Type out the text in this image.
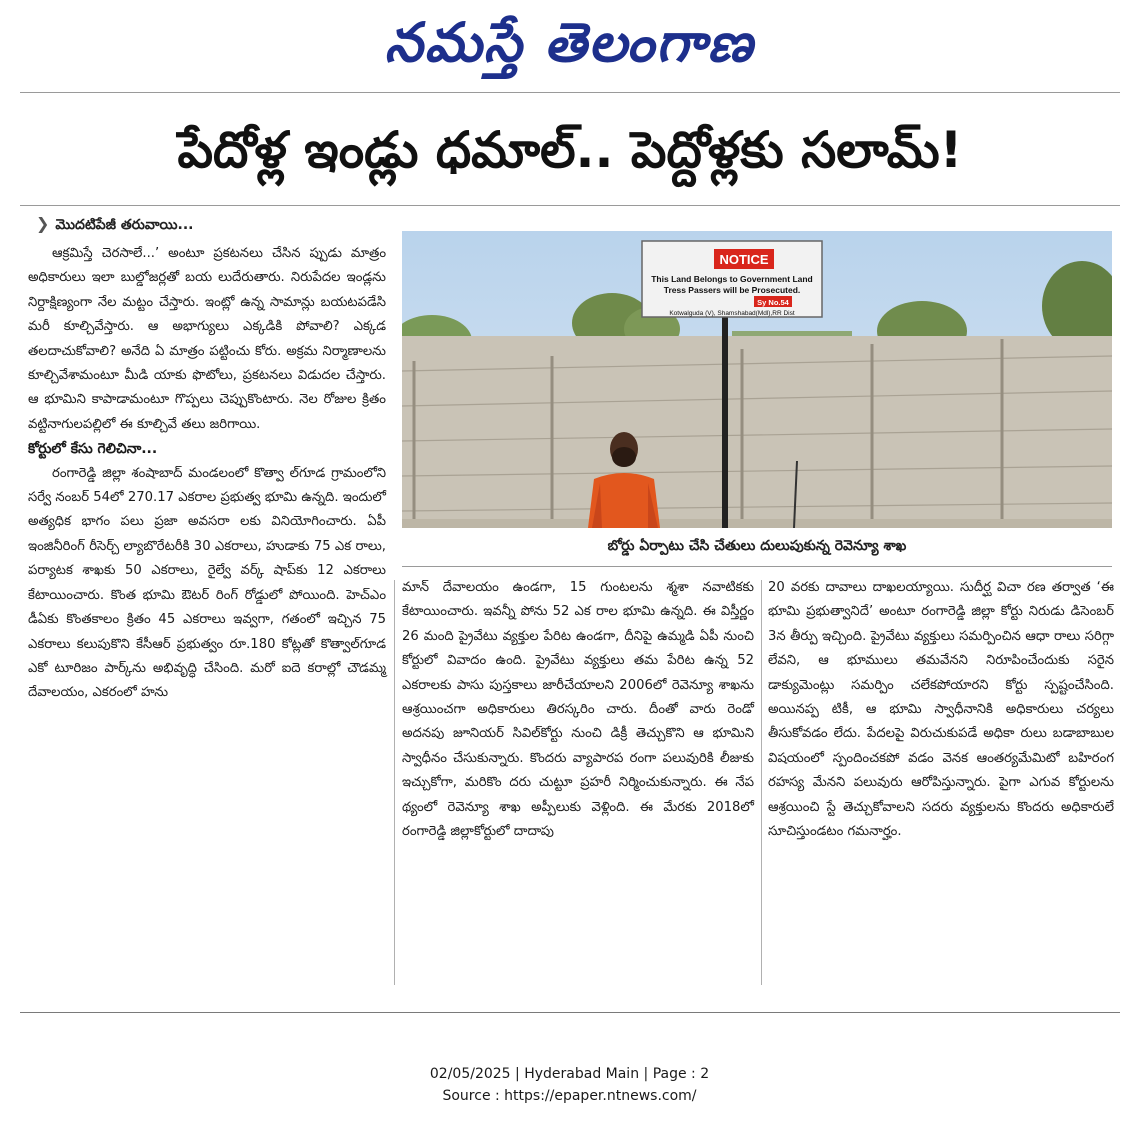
నమస్తే తెలంగాణ
పేదోళ్ల ఇండ్లు ధమాల్.. పెద్దోళ్లకు సలామ్!
❯ మొదటిపేజీ తరువాయి...

ఆక్రమిస్తే చెరసాలే...’ అంటూ ప్రకటనలు చేసిన ప్పుడు మాత్రం అధికారులు ఇలా బుల్డోజర్లతో బయ లుదేరుతారు. నిరుపేదల ఇండ్లను నిర్దాక్షిణ్యంగా నేల మట్టం చేస్తారు. ఇంట్లో ఉన్న సామాన్లు బయటపడేసి మరీ కూల్చివేస్తారు. ఆ అభాగ్యులు ఎక్కడికి పోవాలి? ఎక్కడ తలదాచుకోవాలి? అనేది ఏ మాత్రం పట్టించు కోరు. అక్రమ నిర్మాణాలను కూల్చివేశామంటూ మీడి యాకు ఫొటోలు, ప్రకటనలు విడుదల చేస్తారు. ఆ భూమిని కాపాడామంటూ గొప్పలు చెప్పుకొంటారు. నెల రోజుల క్రితం వట్టినాగులపల్లిలో ఈ కూల్చివే తలు జరిగాయి.

కోర్టులో కేసు గెలిచినా...

రంగారెడ్డి జిల్లా శంషాబాద్ మండలంలో కొత్వా ల్‌గూడ గ్రామంలోని సర్వే నంబర్ 54లో 270.17 ఎకరాల ప్రభుత్వ భూమి ఉన్నది. ఇందులో అత్యధిక భాగం పలు ప్రజా అవసరా లకు వినియోగించారు. ఏపీ ఇంజినీరింగ్ రీసెర్చ్ ల్యాబొరేటరీకి 30 ఎకరాలు, హుడాకు 75 ఎక రాలు, పర్యాటక శాఖకు 50 ఎకరాలు, రైల్వే వర్క్ షాప్‌కు 12 ఎకరాలు కేటాయించారు. కొంత భూమి ఔటర్ రింగ్ రోడ్డులో పోయింది. హెచ్‌ఎం డీఏకు కొంతకాలం క్రితం 45 ఎకరాలు ఇవ్వగా, గతంలో ఇచ్చిన 75 ఎకరాలు కలుపుకొని కేసీఆర్ ప్రభుత్వం రూ.180 కోట్లతో కొత్వాల్‌గూడ ఎకో టూరిజం పార్క్‌ను అభివృద్ధి చేసింది. మరో ఐదె కరాల్లో చౌడమ్మ దేవాలయం, ఎకరంలో హను

NOTICE
This Land Belongs to Government Land
Tress Passers will be Prosecuted.
Sy No.54
Kotwalguda (V), Shamshabad(Mdl),RR Dist
బోర్డు ఏర్పాటు చేసి చేతులు దులుపుకున్న రెవెన్యూ శాఖ

మాన్ దేవాలయం ఉండగా, 15 గుంటలను శ్మశా నవాటికకు కేటాయించారు. ఇవన్నీ పోను 52 ఎక రాల భూమి ఉన్నది. ఈ విస్తీర్ణం 26 మంది ప్రైవేటు వ్యక్తుల పేరిట ఉండగా, దీనిపై ఉమ్మడి ఏపీ నుంచి కోర్టులో వివాదం ఉంది. ప్రైవేటు వ్యక్తులు తమ పేరిట ఉన్న 52 ఎకరాలకు పాసు పుస్తకాలు జారీచేయాలని 2006లో రెవెన్యూ శాఖను ఆశ్రయించగా అధికారులు తిరస్కరిం చారు. దీంతో వారు రెండో అదనపు జూనియర్ సివిల్‌కోర్టు నుంచి డిక్రీ తెచ్చుకొని ఆ భూమిని స్వాధీనం చేసుకున్నారు. కొందరు వ్యాపారప రంగా పలువురికి లీజుకు ఇచ్చుకోగా, మరికొం దరు చుట్టూ ప్రహరీ నిర్మించుకున్నారు. ఈ నేప థ్యంలో రెవెన్యూ శాఖ అప్పీలుకు వెళ్లింది. ఈ మేరకు 2018లో రంగారెడ్డి జిల్లాకోర్టులో దాదాపు

20 వరకు దావాలు దాఖలయ్యాయి. సుదీర్ఘ విచా రణ తర్వాత ‘ఈ భూమి ప్రభుత్వానిదే’ అంటూ రంగారెడ్డి జిల్లా కోర్టు నిరుడు డిసెంబర్ 3న తీర్పు ఇచ్చింది. ప్రైవేటు వ్యక్తులు సమర్పించిన ఆధా రాలు సరిగ్గా లేవని, ఆ భూములు తమవేనని నిరూపించేందుకు సరైన డాక్యుమెంట్లు సమర్పిం చలేకపోయారని కోర్టు స్పష్టంచేసింది. అయినప్ప టికీ, ఆ భూమి స్వాధీనానికి అధికారులు చర్యలు తీసుకోవడం లేదు. పేదలపై విరుచుకుపడే అధికా రులు బడాబాబుల విషయంలో స్పందించకపో వడం వెనక ఆంతర్యమేమిటో బహిరంగ రహస్య మేనని పలువురు ఆరోపిస్తున్నారు. పైగా ఎగువ కోర్టులను ఆశ్రయించి స్టే తెచ్చుకోవాలని సదరు వ్యక్తులను కొందరు అధికారులే సూచిస్తుండటం గమనార్హం.

02/05/2025 | Hyderabad Main | Page : 2
Source : https://epaper.ntnews.com/
